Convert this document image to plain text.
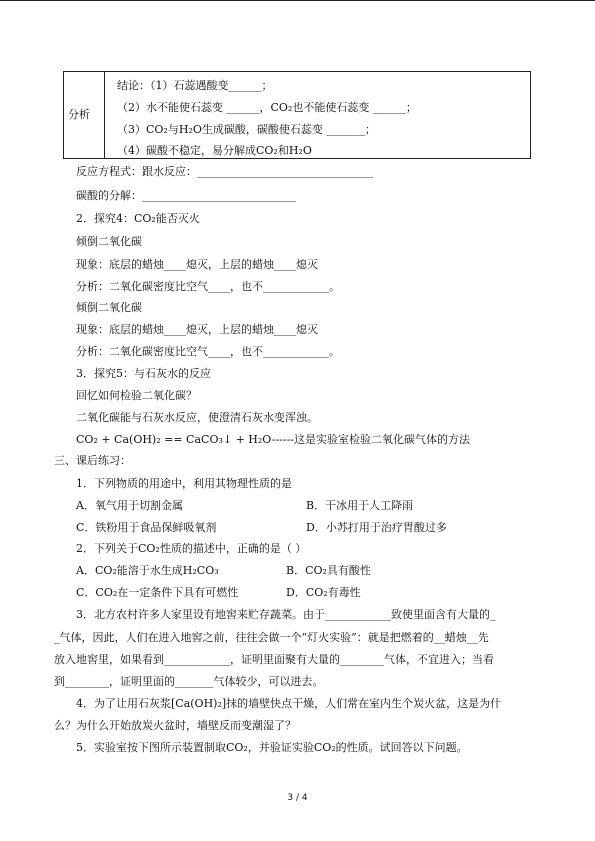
分析
结论：（1）石蕊遇酸变______；
（2）水不能使石蕊变 ______，CO₂也不能使石蕊变 ______；
（3）CO₂与H₂O生成碳酸，碳酸使石蕊变 _______；
（4）碳酸不稳定，易分解成CO₂和H₂O
反应方程式：跟水反应：________________________________
碳酸的分解：____________________________
2．探究4：CO₂能否灭火
倾倒二氧化碳
现象：底层的蜡烛____熄灭，上层的蜡烛____熄灭
分析：二氧化碳密度比空气____，也不____________。
倾倒二氧化碳
现象：底层的蜡烛____熄灭，上层的蜡烛____熄灭
分析：二氧化碳密度比空气____，也不____________。
3．探究5：与石灰水的反应
回忆如何检验二氧化碳？
二氧化碳能与石灰水反应，使澄清石灰水变浑浊。
CO₂ + Ca(OH)₂ == CaCO₃↓ + H₂O------这是实验室检验二氧化碳气体的方法
三、课后练习：
1．下列物质的用途中，利用其物理性质的是
A．氧气用于切割金属	B．干冰用于人工降雨
C．铁粉用于食品保鲜吸氧剂	D．小苏打用于治疗胃酸过多
2．下列关于CO₂性质的描述中，正确的是（ ）
A．CO₂能溶于水生成H₂CO₃	B．CO₂具有酸性
C．CO₂在一定条件下具有可燃性	D．CO₂有毒性
3．北方农村许多人家里设有地窖来贮存蔬菜。由于____________致使里面含有大量的_
_气体，因此，人们在进入地窖之前，往往会做一个“灯火实验”：就是把燃着的__蜡烛__先
放入地窖里，如果看到____________，证明里面聚有大量的________气体，不宜进入；当看
到________，证明里面的_______气体较少，可以进去。
4．为了让用石灰浆[Ca(OH)₂]抹的墙壁快点干燥，人们常在室内生个炭火盆，这是为什
么？为什么开始放炭火盆时，墙壁反而变潮湿了？
5．实验室按下图所示装置制取CO₂，并验证实验CO₂的性质。试回答以下问题。
3 / 4
